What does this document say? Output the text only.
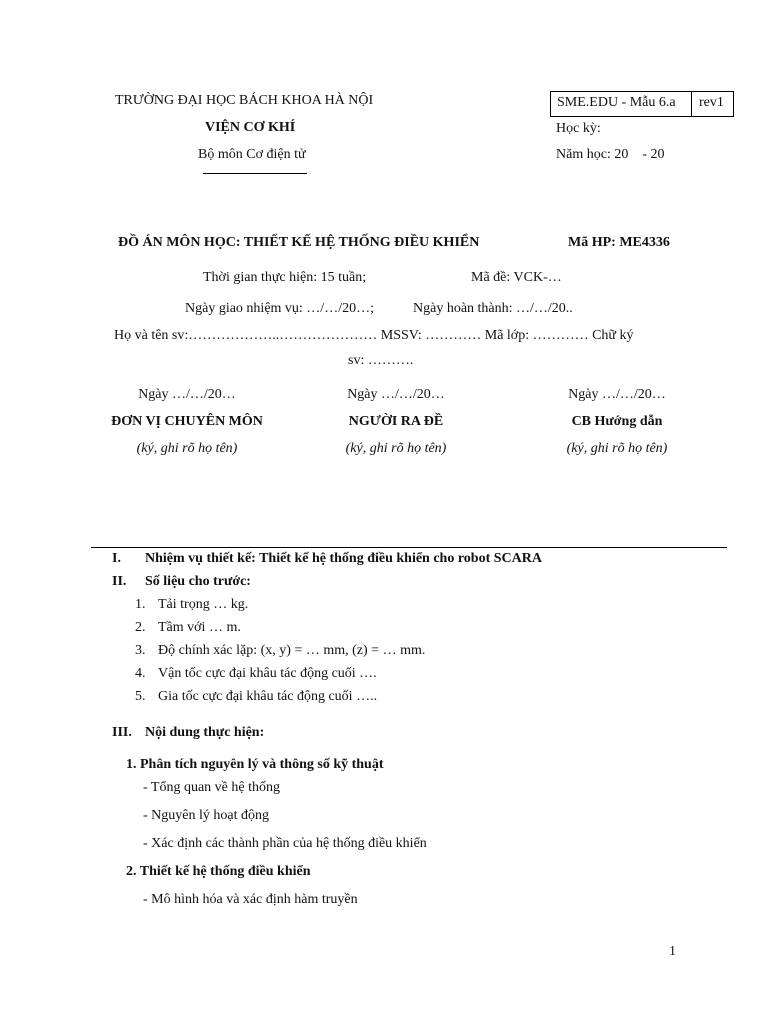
TRƯỜNG ĐẠI HỌC BÁCH KHOA HÀ NỘI
VIỆN CƠ KHÍ
Bộ môn Cơ điện tử
SME.EDU - Mẫu 6.a rev1
Học kỳ:
Năm học: 20    - 20
ĐỒ ÁN MÔN HỌC: THIẾT KẾ HỆ THỐNG ĐIỀU KHIỂN	Mã HP: ME4336
Thời gian thực hiện: 15 tuần;	Mã đề: VCK-…
Ngày giao nhiệm vụ: …/…/20…;	Ngày hoàn thành: …/…/20..
Họ và tên sv:………………..………………… MSSV: ………… Mã lớp: ………… Chữ ký
sv: ……….
Ngày …/…/20…
ĐƠN VỊ CHUYÊN MÔN
(ký, ghi rõ họ tên)
Ngày …/…/20…
NGƯỜI RA ĐỀ
(ký, ghi rõ họ tên)
Ngày …/…/20…
CB Hướng dẫn
(ký, ghi rõ họ tên)
I. Nhiệm vụ thiết kế: Thiết kế hệ thống điều khiển cho robot SCARA
II. Số liệu cho trước:
1. Tải trọng … kg.
2. Tầm với … m.
3. Độ chính xác lặp: (x, y) = … mm, (z) = … mm.
4. Vận tốc cực đại khâu tác động cuối ….
5. Gia tốc cực đại khâu tác động cuối …..
III. Nội dung thực hiện:
1. Phân tích nguyên lý và thông số kỹ thuật
- Tổng quan về hệ thống
- Nguyên lý hoạt động
- Xác định các thành phần của hệ thống điều khiển
2. Thiết kế hệ thống điều khiển
- Mô hình hóa và xác định hàm truyền
1
